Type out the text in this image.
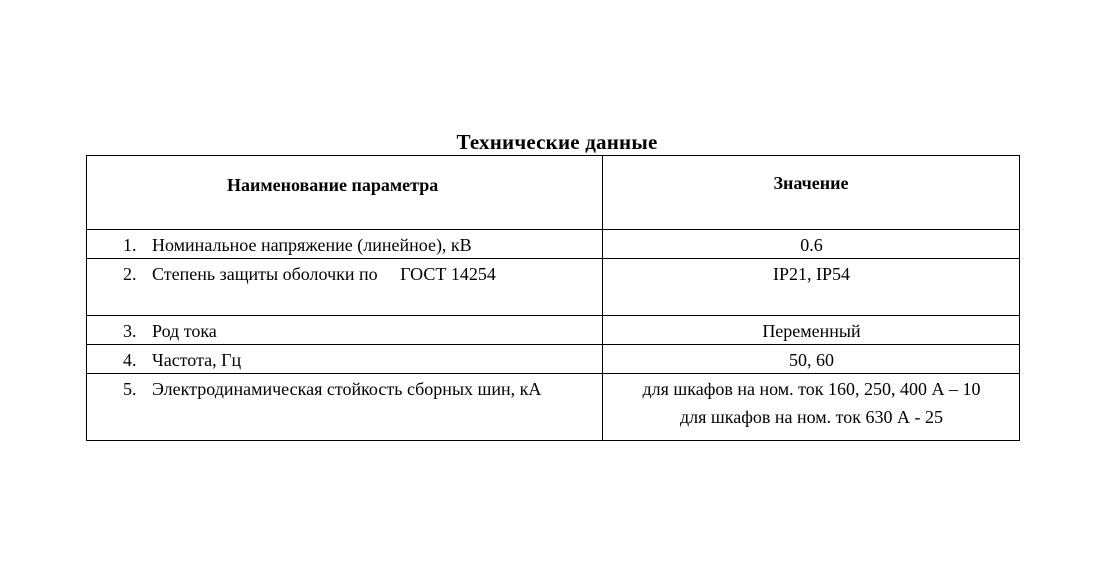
Технические данные
Наименование параметра	Значение

1. Номинальное напряжение (линейное), кВ	0.6

2. Степень защиты оболочки по     ГОСТ 14254	IP21, IP54

3. Род тока	Переменный

4. Частота, Гц	50, 60

5. Электродинамическая стойкость сборных шин, кА	для шкафов на ном. ток 160, 250, 400 А – 10
для шкафов на ном. ток 630 А - 25
